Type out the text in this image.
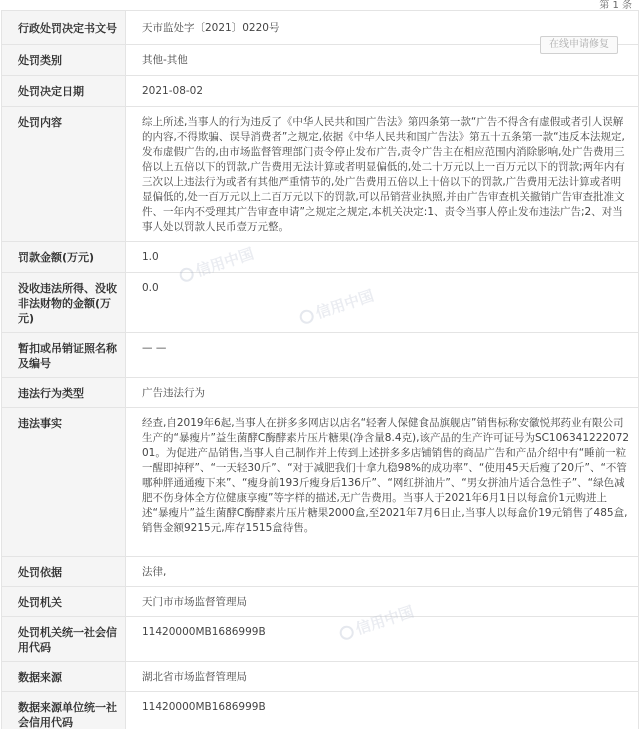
第 1 条
行政处罚决定书文号	天市监处字〔2021〕0220号
处罚类别	其他-其他
处罚决定日期	2021-08-02
处罚内容	综上所述,当事人的行为违反了《中华人民共和国广告法》第四条第一款“广告不得含有虚假或者引人误解的内容,不得欺骗、误导消费者”之规定,依据《中华人民共和国广告法》第五十五条第一款“违反本法规定,发布虚假广告的,由市场监督管理部门责令停止发布广告,责令广告主在相应范围内消除影响,处广告费用三倍以上五倍以下的罚款,广告费用无法计算或者明显偏低的,处二十万元以上一百万元以下的罚款;两年内有三次以上违法行为或者有其他严重情节的,处广告费用五倍以上十倍以下的罚款,广告费用无法计算或者明显偏低的,处一百万元以上二百万元以下的罚款,可以吊销营业执照,并由广告审查机关撤销广告审查批准文件、一年内不受理其广告审查申请”之规定之规定,本机关决定:1、责令当事人停止发布违法广告;2、对当事人处以罚款人民币壹万元整。
罚款金额(万元)	1.0
没收违法所得、没收非法财物的金额(万元)	0.0
暂扣或吊销证照名称及编号	— —
违法行为类型	广告违法行为
违法事实	经查,自2019年6起,当事人在拼多多网店以店名“轻奢人保健食品旗舰店”销售标称安徽悦邦药业有限公司生产的“暴瘦片”益生菌酵C酶酵素片压片糖果(净含量8.4克),该产品的生产许可证号为SC10634122207201。为促进产品销售,当事人自己制作并上传到上述拼多多店铺销售的商品广告和产品介绍中有“睡前一粒一醒即掉秤”、“一天轻30斤”、“对于减肥我们十拿九稳98%的成功率”、“使用45天后瘦了20斤”、“不管哪种胖通通瘦下来”、“瘦身前193斤瘦身后136斤”、“网红拼油片”、“男女拼油片适合急性子”、“绿色减肥不伤身体全方位健康享瘦”等字样的描述,无广告费用。当事人于2021年6月1日以每盒价1元购进上述“暴瘦片”益生菌酵C酶酵素片压片糖果2000盒,至2021年7月6日止,当事人以每盒价19元销售了485盒,销售金额9215元,库存1515盒待售。
处罚依据	法律,
处罚机关	天门市市场监督管理局
处罚机关统一社会信用代码	11420000MB1686999B
数据来源	湖北省市场监督管理局
数据来源单位统一社会信用代码	11420000MB1686999B
在线申请修复
信用中国
信用中国
信用中国
